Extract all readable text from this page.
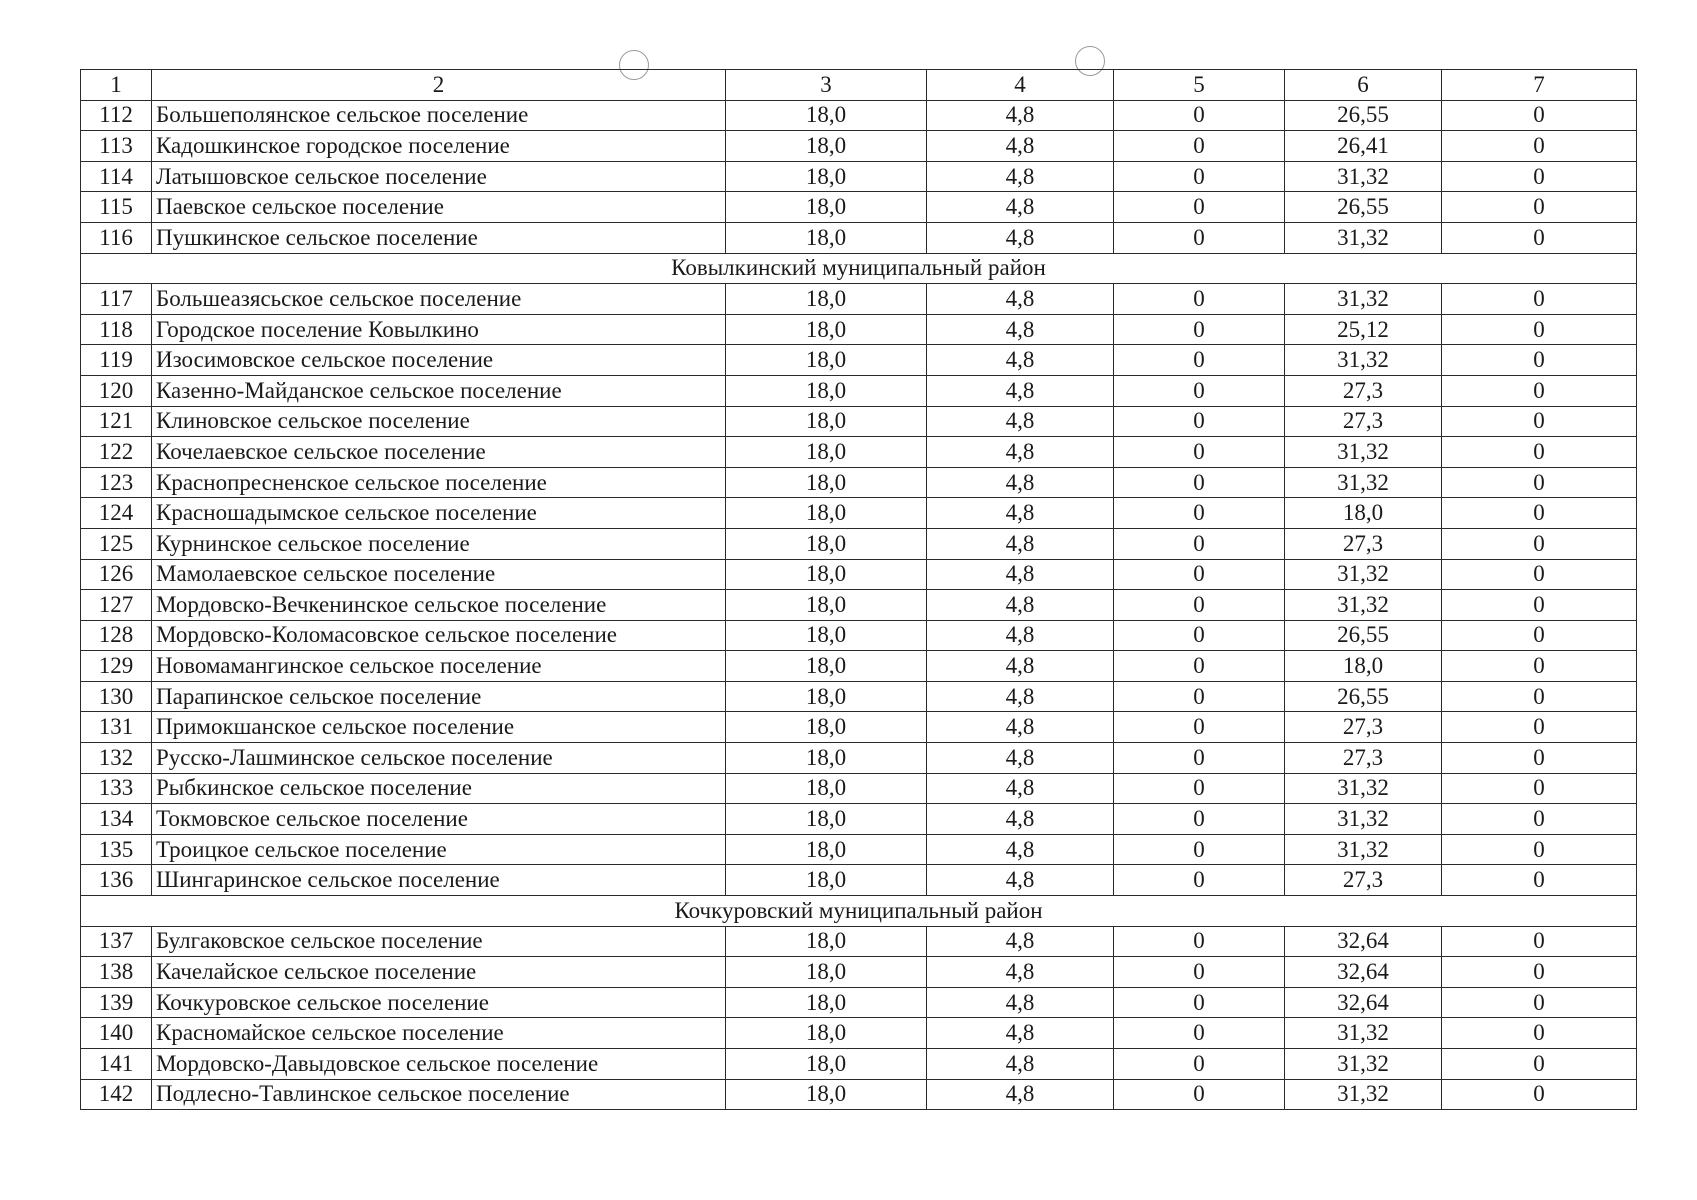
1	2	3	4	5	6	7
112	Большеполянское сельское поселение	18,0	4,8	0	26,55	0
113	Кадошкинское городское поселение	18,0	4,8	0	26,41	0
114	Латышовское сельское поселение	18,0	4,8	0	31,32	0
115	Паевское сельское поселение	18,0	4,8	0	26,55	0
116	Пушкинское сельское поселение	18,0	4,8	0	31,32	0
Ковылкинский муниципальный район						
117	Большеазясьское сельское поселение	18,0	4,8	0	31,32	0
118	Городское поселение Ковылкино	18,0	4,8	0	25,12	0
119	Изосимовское сельское поселение	18,0	4,8	0	31,32	0
120	Казенно-Майданское сельское поселение	18,0	4,8	0	27,3	0
121	Клиновское сельское поселение	18,0	4,8	0	27,3	0
122	Кочелаевское сельское поселение	18,0	4,8	0	31,32	0
123	Краснопресненское сельское поселение	18,0	4,8	0	31,32	0
124	Красношадымское сельское поселение	18,0	4,8	0	18,0	0
125	Курнинское сельское поселение	18,0	4,8	0	27,3	0
126	Мамолаевское сельское поселение	18,0	4,8	0	31,32	0
127	Мордовско-Вечкенинское сельское поселение	18,0	4,8	0	31,32	0
128	Мордовско-Коломасовское сельское поселение	18,0	4,8	0	26,55	0
129	Новомамангинское сельское поселение	18,0	4,8	0	18,0	0
130	Парапинское сельское поселение	18,0	4,8	0	26,55	0
131	Примокшанское сельское поселение	18,0	4,8	0	27,3	0
132	Русско-Лашминское сельское поселение	18,0	4,8	0	27,3	0
133	Рыбкинское сельское поселение	18,0	4,8	0	31,32	0
134	Токмовское сельское поселение	18,0	4,8	0	31,32	0
135	Троицкое сельское поселение	18,0	4,8	0	31,32	0
136	Шингаринское сельское поселение	18,0	4,8	0	27,3	0
Кочкуровский муниципальный район						
137	Булгаковское сельское поселение	18,0	4,8	0	32,64	0
138	Качелайское сельское поселение	18,0	4,8	0	32,64	0
139	Кочкуровское сельское поселение	18,0	4,8	0	32,64	0
140	Красномайское сельское поселение	18,0	4,8	0	31,32	0
141	Мордовско-Давыдовское сельское поселение	18,0	4,8	0	31,32	0
142	Подлесно-Тавлинское сельское поселение	18,0	4,8	0	31,32	0
